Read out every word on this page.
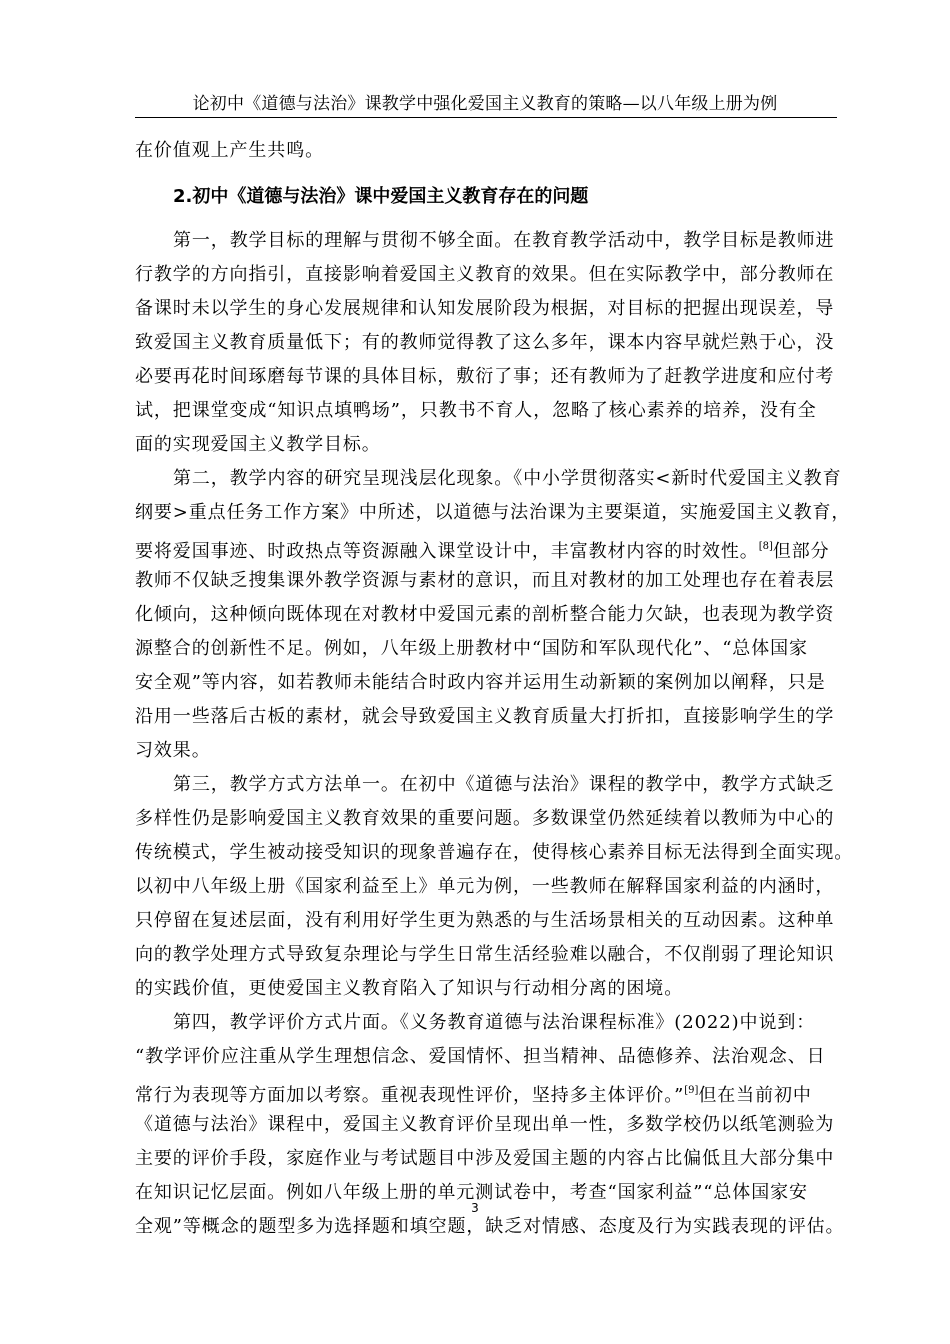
论初中《道德与法治》课教学中强化爱国主义教育的策略—以八年级上册为例
在价值观上产生共鸣。
2.初中《道德与法治》课中爱国主义教育存在的问题
第一，教学目标的理解与贯彻不够全面。在教育教学活动中，教学目标是教师进
行教学的方向指引，直接影响着爱国主义教育的效果。但在实际教学中，部分教师在
备课时未以学生的身心发展规律和认知发展阶段为根据，对目标的把握出现误差，导
致爱国主义教育质量低下；有的教师觉得教了这么多年，课本内容早就烂熟于心，没
必要再花时间琢磨每节课的具体目标，敷衍了事；还有教师为了赶教学进度和应付考
试，把课堂变成“知识点填鸭场”，只教书不育人，忽略了核心素养的培养，没有全
面的实现爱国主义教学目标。
第二，教学内容的研究呈现浅层化现象。《中小学贯彻落实<新时代爱国主义教育
纲要>重点任务工作方案》中所述，以道德与法治课为主要渠道，实施爱国主义教育，
要将爱国事迹、时政热点等资源融入课堂设计中，丰富教材内容的时效性。[8]但部分
教师不仅缺乏搜集课外教学资源与素材的意识，而且对教材的加工处理也存在着表层
化倾向，这种倾向既体现在对教材中爱国元素的剖析整合能力欠缺，也表现为教学资
源整合的创新性不足。例如，八年级上册教材中“国防和军队现代化”、“总体国家
安全观”等内容，如若教师未能结合时政内容并运用生动新颖的案例加以阐释，只是
沿用一些落后古板的素材，就会导致爱国主义教育质量大打折扣，直接影响学生的学
习效果。
第三，教学方式方法单一。在初中《道德与法治》课程的教学中，教学方式缺乏
多样性仍是影响爱国主义教育效果的重要问题。多数课堂仍然延续着以教师为中心的
传统模式，学生被动接受知识的现象普遍存在，使得核心素养目标无法得到全面实现。
以初中八年级上册《国家利益至上》单元为例，一些教师在解释国家利益的内涵时，
只停留在复述层面，没有利用好学生更为熟悉的与生活场景相关的互动因素。这种单
向的教学处理方式导致复杂理论与学生日常生活经验难以融合，不仅削弱了理论知识
的实践价值，更使爱国主义教育陷入了知识与行动相分离的困境。
第四，教学评价方式片面。《义务教育道德与法治课程标准》(2022)中说到：
“教学评价应注重从学生理想信念、爱国情怀、担当精神、品德修养、法治观念、日
常行为表现等方面加以考察。重视表现性评价，坚持多主体评价。”[9]但在当前初中
《道德与法治》课程中，爱国主义教育评价呈现出单一性，多数学校仍以纸笔测验为
主要的评价手段，家庭作业与考试题目中涉及爱国主题的内容占比偏低且大部分集中
在知识记忆层面。例如八年级上册的单元测试卷中，考查“国家利益”“总体国家安
全观”等概念的题型多为选择题和填空题，缺乏对情感、态度及行为实践表现的评估。
3
